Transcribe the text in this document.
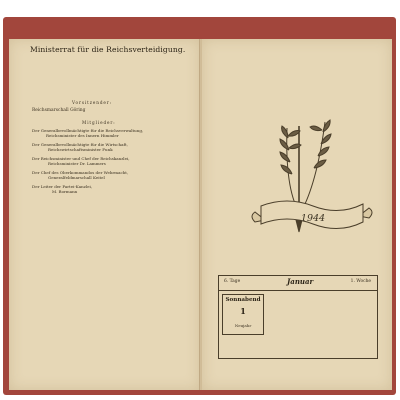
Ministerrat für die Reichsverteidigung.
Vorsitzender:
Reichsmarschall Göring
Mitglieder:
Der Generalbevollmächtigte für die Reichsverwaltung,
Reichsminister des Innern Himmler
Der Generalbevollmächtigte für die Wirtschaft,
Reichswirtschaftsminister Funk
Der Reichsminister und Chef der Reichskanzlei,
Reichsminister Dr. Lammers
Der Chef des Oberkommandos der Wehrmacht,
Generalfeldmarschall Keitel
Der Leiter der Partei-Kanzlei,
M. Bormann
1944
6. Tage	Januar	1. Woche
Sonnabend
1
Neujahr
